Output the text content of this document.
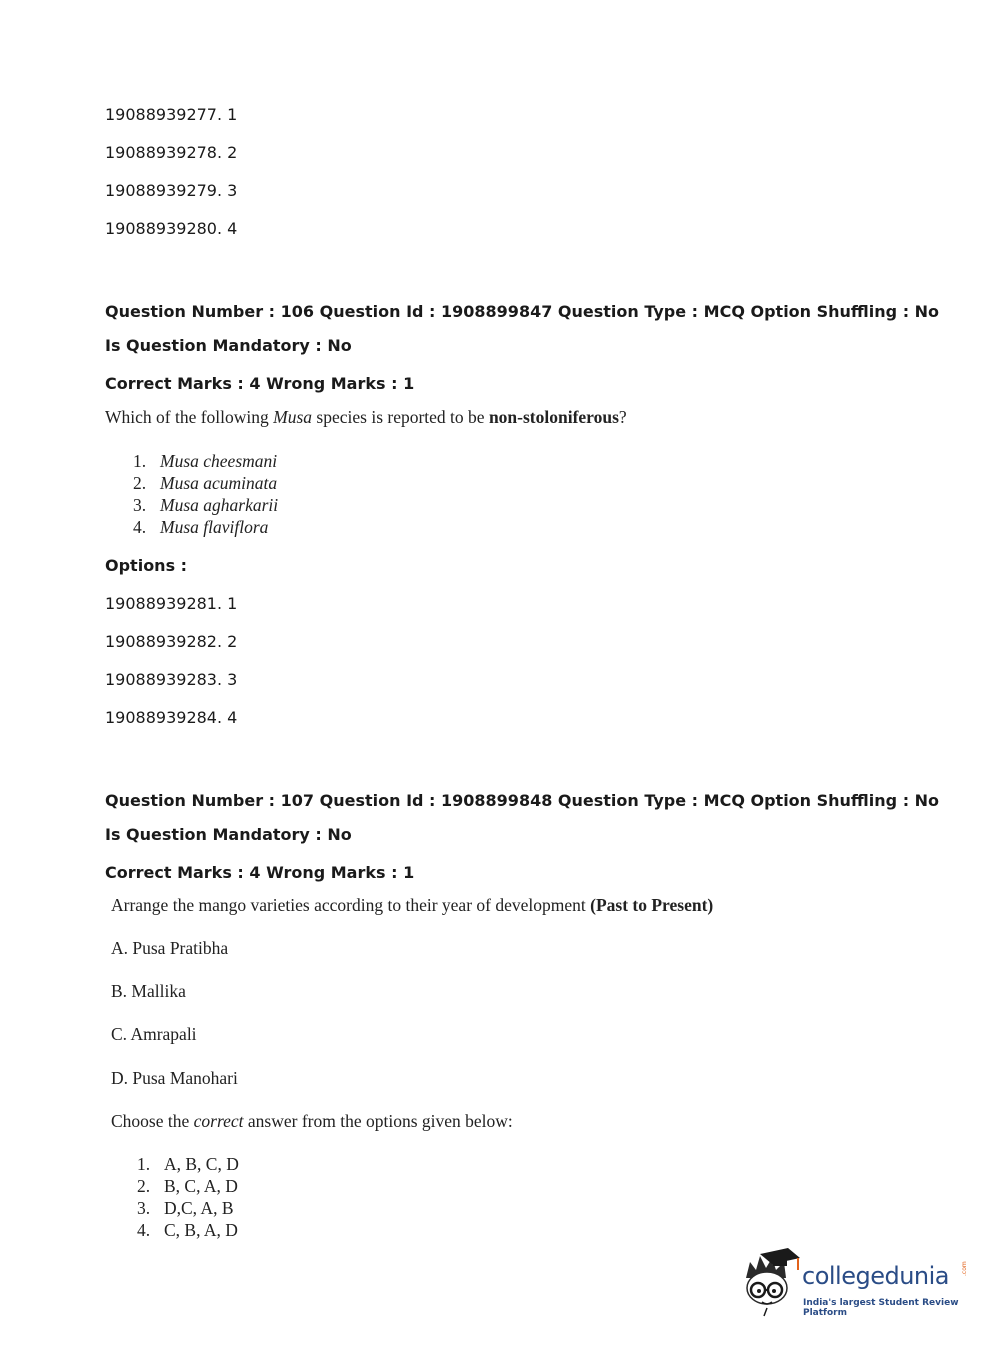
19088939277. 1
19088939278. 2
19088939279. 3
19088939280. 4
Question Number : 106 Question Id : 1908899847 Question Type : MCQ Option Shuffling : No
Is Question Mandatory : No
Correct Marks : 4 Wrong Marks : 1
Which of the following Musa species is reported to be non-stoloniferous?
1. Musa cheesmani
2. Musa acuminata
3. Musa agharkarii
4. Musa flaviflora
Options :
19088939281. 1
19088939282. 2
19088939283. 3
19088939284. 4
Question Number : 107 Question Id : 1908899848 Question Type : MCQ Option Shuffling : No
Is Question Mandatory : No
Correct Marks : 4 Wrong Marks : 1
Arrange the mango varieties according to their year of development (Past to Present)
A. Pusa Pratibha
B. Mallika
C. Amrapali
D. Pusa Manohari
Choose the correct answer from the options given below:
1. A, B, C, D
2. B, C, A, D
3. D,C, A, B
4. C, B, A, D
collegedunia .com
India's largest Student Review Platform
